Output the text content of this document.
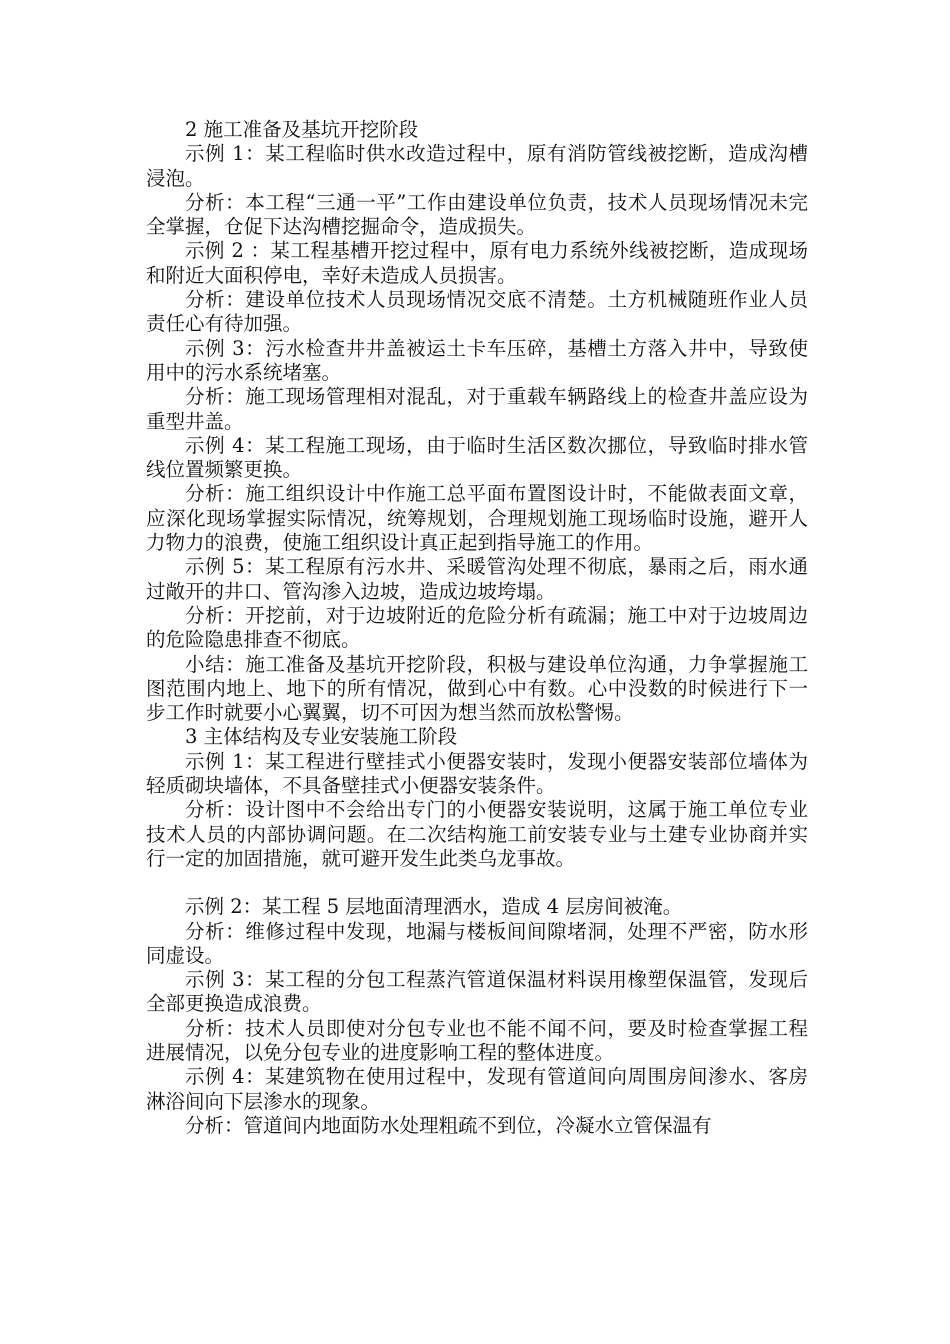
2 施工准备及基坑开挖阶段

示例 1：某工程临时供水改造过程中，原有消防管线被挖断，造成沟槽浸泡。

分析：本工程“三通一平”工作由建设单位负责，技术人员现场情况未完全掌握，仓促下达沟槽挖掘命令，造成损失。

示例 2 ：某工程基槽开挖过程中，原有电力系统外线被挖断，造成现场和附近大面积停电，幸好未造成人员损害。

分析：建设单位技术人员现场情况交底不清楚。土方机械随班作业人员责任心有待加强。

示例 3：污水检查井井盖被运土卡车压碎，基槽土方落入井中，导致使用中的污水系统堵塞。

分析：施工现场管理相对混乱，对于重载车辆路线上的检查井盖应设为重型井盖。

示例 4：某工程施工现场，由于临时生活区数次挪位，导致临时排水管线位置频繁更换。

分析：施工组织设计中作施工总平面布置图设计时，不能做表面文章，应深化现场掌握实际情况，统筹规划，合理规划施工现场临时设施，避开人力物力的浪费，使施工组织设计真正起到指导施工的作用。

示例 5：某工程原有污水井、采暖管沟处理不彻底，暴雨之后，雨水通过敞开的井口、管沟渗入边坡，造成边坡垮塌。

分析：开挖前，对于边坡附近的危险分析有疏漏；施工中对于边坡周边的危险隐患排查不彻底。

小结：施工准备及基坑开挖阶段，积极与建设单位沟通，力争掌握施工图范围内地上、地下的所有情况，做到心中有数。心中没数的时候进行下一步工作时就要小心翼翼，切不可因为想当然而放松警惕。

3 主体结构及专业安装施工阶段

示例 1：某工程进行壁挂式小便器安装时，发现小便器安装部位墙体为轻质砌块墙体，不具备壁挂式小便器安装条件。

分析：设计图中不会给出专门的小便器安装说明，这属于施工单位专业技术人员的内部协调问题。在二次结构施工前安装专业与土建专业协商并实行一定的加固措施，就可避开发生此类乌龙事故。

示例 2：某工程 5 层地面清理洒水，造成 4 层房间被淹。

分析：维修过程中发现，地漏与楼板间间隙堵洞，处理不严密，防水形同虚设。

示例 3：某工程的分包工程蒸汽管道保温材料误用橡塑保温管，发现后全部更换造成浪费。

分析：技术人员即使对分包专业也不能不闻不问，要及时检查掌握工程进展情况，以免分包专业的进度影响工程的整体进度。

示例 4：某建筑物在使用过程中，发现有管道间向周围房间渗水、客房淋浴间向下层渗水的现象。

分析：管道间内地面防水处理粗疏不到位，冷凝水立管保温有
